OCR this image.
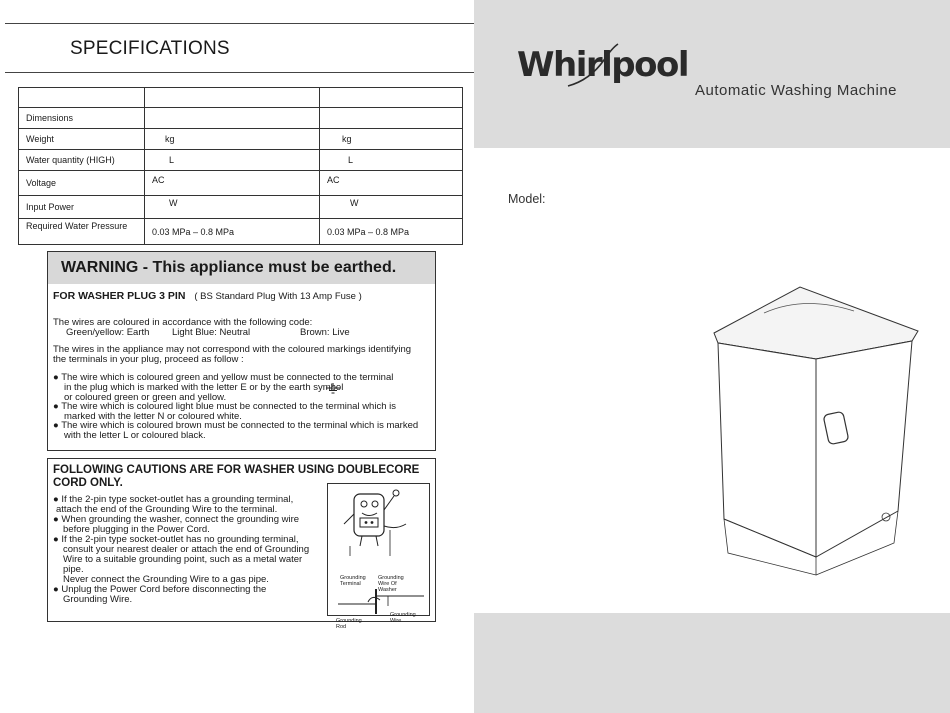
SPECIFICATIONS

Dimensions		
Weight	kg	kg
Water quantity (HIGH)	L	L
Voltage	AC	AC
Input Power	W	W
Required Water Pressure	0.03 MPa – 0.8 MPa	0.03 MPa – 0.8 MPa
WARNING - This appliance must be earthed.
FOR WASHER PLUG 3 PIN ( BS Standard Plug With 13 Amp Fuse )
The wires are coloured in accordance with the following code:
Green/yellow: Earth Light Blue: Neutral	Brown: Live
The wires in the appliance may not correspond with the coloured markings identifying
the terminals in your plug, proceed as follow :
● The wire which is coloured green and yellow must be connected to the terminal
in the plug which is marked with the letter E or by the earth symbol
or coloured green or green and yellow.
● The wire which is coloured light blue must be connected to the terminal which is
marked with the letter N or coloured white.
● The wire which is coloured brown must be connected to the terminal which is marked
with the letter L or coloured black.
FOLLOWING CAUTIONS ARE FOR WASHER USING DOUBLECORE CORD ONLY.

● If the 2-pin type socket-outlet has a grounding terminal,

attach the end of the Grounding Wire to the terminal.

● When grounding the washer, connect the grounding wire

before plugging in the Power Cord.

● If the 2-pin type socket-outlet has no grounding terminal,

consult your nearest dealer or attach the end of Grounding

Wire to a suitable grounding point, such as a metal water

pipe.

Never connect the Grounding Wire to a gas pipe.

● Unplug the Power Cord before disconnecting the

Grounding Wire.

Grounding Terminal
Grounding
Wire Of
Washer
Grounding
Rod
Grounding
Wire
Whirlpool
Automatic Washing Machine
Model:
